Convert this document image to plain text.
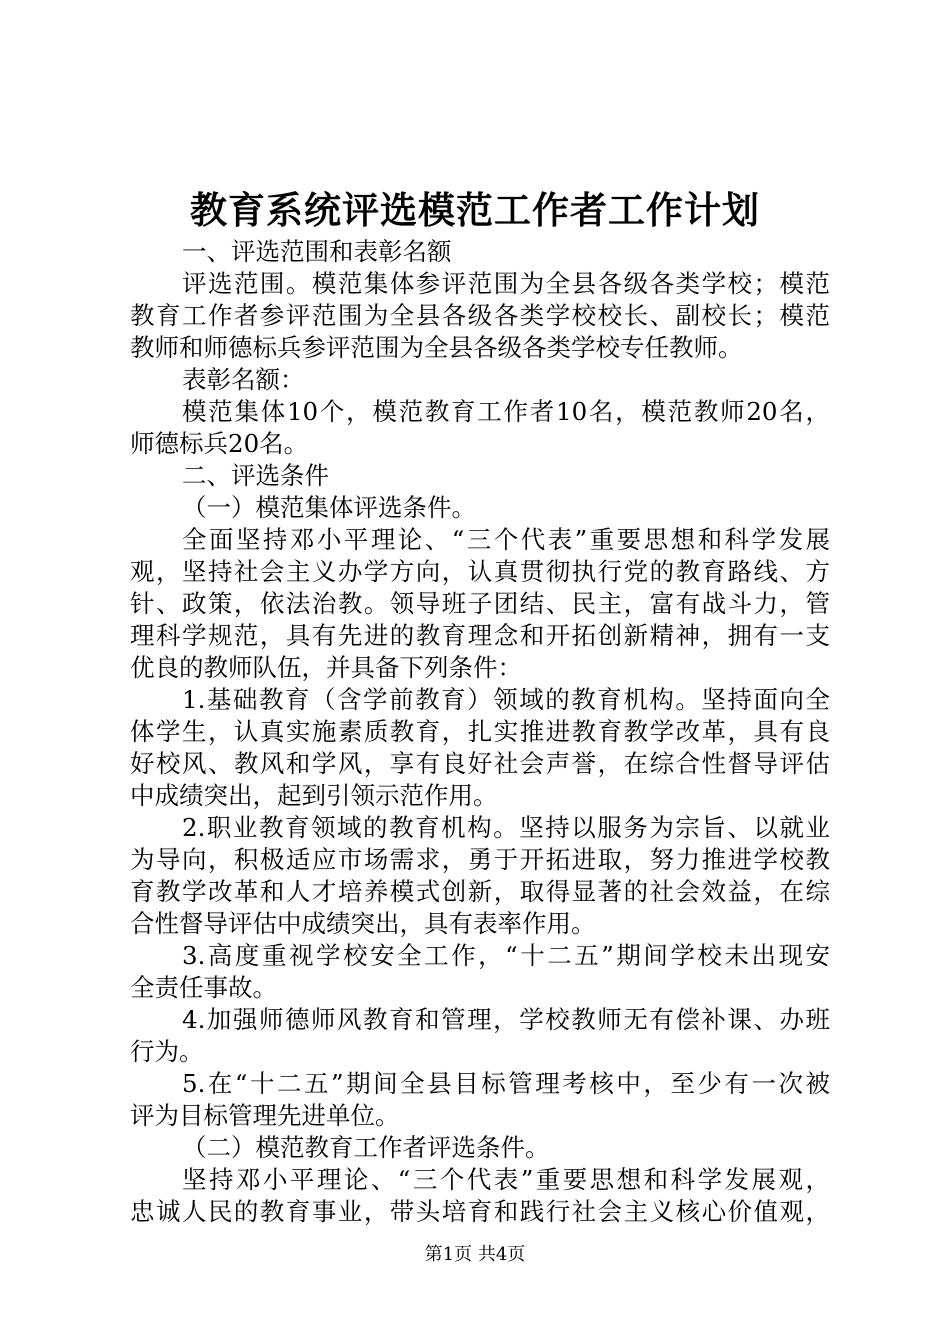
教育系统评选模范工作者工作计划
一、评选范围和表彰名额
评选范围。模范集体参评范围为全县各级各类学校；模范
教育工作者参评范围为全县各级各类学校校长、副校长；模范
教师和师德标兵参评范围为全县各级各类学校专任教师。
表彰名额：
模范集体10个，模范教育工作者10名，模范教师20名，
师德标兵20名。
二、评选条件
（一）模范集体评选条件。
全面坚持邓小平理论、“三个代表”重要思想和科学发展
观，坚持社会主义办学方向，认真贯彻执行党的教育路线、方
针、政策，依法治教。领导班子团结、民主，富有战斗力，管
理科学规范，具有先进的教育理念和开拓创新精神，拥有一支
优良的教师队伍，并具备下列条件：
1.基础教育（含学前教育）领域的教育机构。坚持面向全
体学生，认真实施素质教育，扎实推进教育教学改革，具有良
好校风、教风和学风，享有良好社会声誉，在综合性督导评估
中成绩突出，起到引领示范作用。
2.职业教育领域的教育机构。坚持以服务为宗旨、以就业
为导向，积极适应市场需求，勇于开拓进取，努力推进学校教
育教学改革和人才培养模式创新，取得显著的社会效益，在综
合性督导评估中成绩突出，具有表率作用。
3.高度重视学校安全工作，“十二五”期间学校未出现安
全责任事故。
4.加强师德师风教育和管理，学校教师无有偿补课、办班
行为。
5.在“十二五”期间全县目标管理考核中，至少有一次被
评为目标管理先进单位。
（二）模范教育工作者评选条件。
坚持邓小平理论、“三个代表”重要思想和科学发展观，
忠诚人民的教育事业，带头培育和践行社会主义核心价值观，
第1页 共4页
